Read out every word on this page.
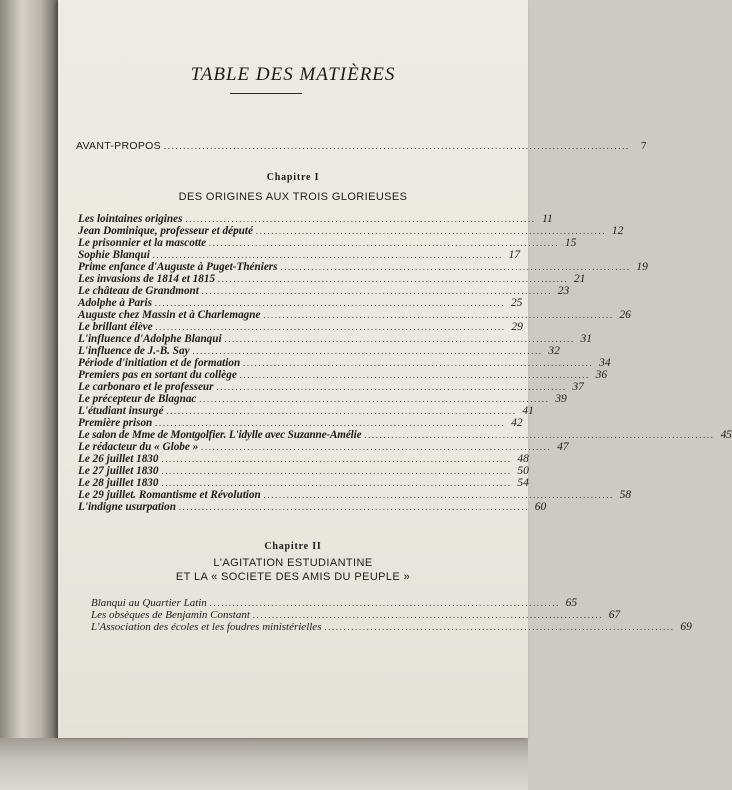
TABLE DES MATIÈRES
AVANT-PROPOS .........................................................................................................................	7

Chapitre I

DES ORIGINES AUX TROIS GLORIEUSES

Les lointaines origines ........................................................................................... 11
Jean Dominique, professeur et député ........................................................................................... 12
Le prisonnier et la mascotte ........................................................................................... 15
Sophie Blanqui ........................................................................................... 17
Prime enfance d'Auguste à Puget-Théniers ........................................................................................... 19
Les invasions de 1814 et 1815 ........................................................................................... 21
Le château de Grandmont ........................................................................................... 23
Adolphe à Paris ........................................................................................... 25
Auguste chez Massin et à Charlemagne ........................................................................................... 26
Le brillant élève ........................................................................................... 29
L'influence d'Adolphe Blanqui ........................................................................................... 31
L'influence de J.-B. Say ........................................................................................... 32
Période d'initiation et de formation ........................................................................................... 34
Premiers pas en sortant du collège ........................................................................................... 36
Le carbonaro et le professeur ........................................................................................... 37
Le précepteur de Blagnac ........................................................................................... 39
L'étudiant insurgé ........................................................................................... 41
Première prison ........................................................................................... 42
Le salon de Mme de Montgolfier. L'idylle avec Suzanne-Amélie ........................................................................................... 45
Le rédacteur du « Globe » ........................................................................................... 47
Le 26 juillet 1830 ........................................................................................... 48
Le 27 juillet 1830 ........................................................................................... 50
Le 28 juillet 1830 ........................................................................................... 54
Le 29 juillet. Romantisme et Révolution ........................................................................................... 58
L'indigne usurpation ........................................................................................... 60

Chapitre II

L'AGITATION ESTUDIANTINE

ET LA « SOCIETE DES AMIS DU PEUPLE »

Blanqui au Quartier Latin ........................................................................................... 65
Les obsèques de Benjamin Constant ........................................................................................... 67
L'Association des écoles et les foudres ministérielles ........................................................................................... 69
